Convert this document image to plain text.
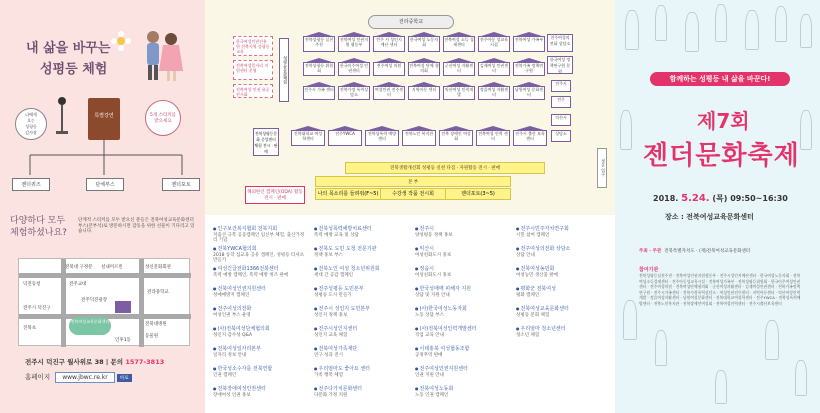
내 삶을 바꾸는
성평등 체험
나에게
오는
성평등
감사장
특별강연	5개 스티커를
받으세요
젠더퀴즈	단체부스	젠더포토
다양하다 모두
체험하셨나요?
단계적 스티커를 모두 받으신 분들은 전북여성교육문화센터 부스(본부석)로 방문하시면 감동을 위한 선물이 기다리고 있습니다.
전북대 구정문 설내미르빈	성신문화회관
덕진동청	전주교대
전주덕진광장
전라중학교
전주시 덕진구
전북여성교육문화센터
진북초
전북대병원
동물원
인후1동
전주시 덕진구 월사위로 38 | 문의 1577-3813
홈페이지 www.jbwc.re.kr	바로
전라중학교
한국여성인권진흥원 전북지역 성평등 교육
전북여성일자리 지원센터 운영
전북여성 인권 유공 전시회
성평등문화체험
전북성평등 실천 주천
전북여성 인권지원 협동부
전주 시 성인지 예산 센터
한국여성 노동자회
전북여성 소득 경제센터
전주아동 성교육 시설
전북여성 가족부
전북성평등 위원회
한국이주여성 인권센터
전주여성 의원	전북여성 단체 협의회
군산여성 자활센터
김제여성 인권센터
전북가족 정책연구원
전주시 가족 센터	전북가정 폭력상담소
여성인권 전주센터
지역아동 센터	익산여성 인력개발
정읍여성 자활센터
남원여성 문화센터
진북대학교 여성학센터
전주YWCA	전북성폭력 예방센터
전북노인 복지관	전북 장애인 여성회
전북여성 인력 센터
전주시 출산 보육센터
전주여성의 전화 상담소
한국여성 정책연구원 분원
전주시
전주
익산시
상담소
전북성평등문화 중앙센터
체험 전시 · 판매
전북생활개선회 성평등 실천 다짐 · 자원활동 전시 · 판매
해외한인 캠페인(ODA) 활동 전시 · 판매
본 부
나의 목소리를 들려줘(F~5)	수강생 작품 전시회	젠더포토(3~5)
정문 입구
● 인구보건복지협회 전북지회
저출산 극복 공동캠페인 임신부 체험, 출산가정 리 기념
● 전북YWCA협의회
2018 동학 십교육 공유 캠페인, 성평등 티셔츠 만들기
● 여성긴급전화1366전북센터
폭력 예방 캠페인, 폭력 예방 퀴즈 판매
● 전북여성인권지원센터
성매매방지 캠페인
● 전주여성의전화
여성인권 부스 운영
● (사)전북여성단체협의회
성인지 감수성 Q&A
● 전북여성일자리본부
일자리 정보 안내
● 한국성소수자를 전북연합
인권 캠페인
● 전북장애여성인권센터
장애여성 인권 홍보
● 전북성폭력예방치료센터
폭력 예방 교육 및 상담
● 전북도 도민 도청 전문기관
정책 홍보 부스
● 전북노인 여성 청소년위원회
세대 간 공감 캠페인
● 전주성평등 도민본부
성평등 도시 만들기
● 전주시 성인지 도민본부
성인지 정책 홍보
● 전주시성인지센터
성인지 교육 체험
● 전북여성가족재단
연구 성과 전시
● 우리엄마도 좋아요 센터
가족 행복 체험
● 전주다가치문화센터
다문화 가정 지원
● 전주시
양성평등 정책 홍보
● 익산시
여성친화도시 홍보
● 정읍시
여성친화도시 홍보
● 한국성매매 피해자 지원
상담 및 지원 안내
● (사)한국여성노동자회
노동 상담 부스
● (사)전북여성인력개발센터
직업 교육 안내
● 이데홍북 여성협동조합
공정무역 판매
● 전주여성인권지원센터
인권 지원 안내
● 전북여성노동회
노동 인권 캠페인
● 전주시민주자치연구회
시민 참여 캠페인
● 전주여성의전화 상담소
상담 안내
● 전북여성농민회
여성농민 생산품 판매
● 평화군 전북여성
평화 캠페인
● 전북여성교육문화센터
성평등 문화 체험
● 우리엄마 청소년센터
청소년 체험
함께하는 성평등 내 삶을 바꾼다!
제7회
젠더문화축제
2018. 5.24. (목) 09:50~16:30
장소 : 전북여성교육문화센터
주최 · 주관 전북특별자치도 · (재)전북여성교육문화센터
참여기관
전북성평등실천주천 · 전북여성인권지원협동부 · 전주시성인지예산센터 · 한국여성노동자회 · 전북여성소득경제센터 · 전주아동성교육시설 · 전북여성가족부 · 전북성평등위원회 · 한국이주여성인권센터 · 전주여성의원 · 전북여성단체협의회 · 군산여성자활센터 · 김제여성인권센터 · 전북가족정책연구원 · 전주시가족센터 · 전북가정폭력상담소 · 여성인권전주센터 · 지역아동센터 · 익산여성인력개발 · 정읍여성자활센터 · 남원여성문화센터 · 진북대학교여성학센터 · 전주YWCA · 전북성폭력예방센터 · 전북노인복지관 · 전북장애인여성회 · 전북여성인력센터 · 전주시출산보육센터
